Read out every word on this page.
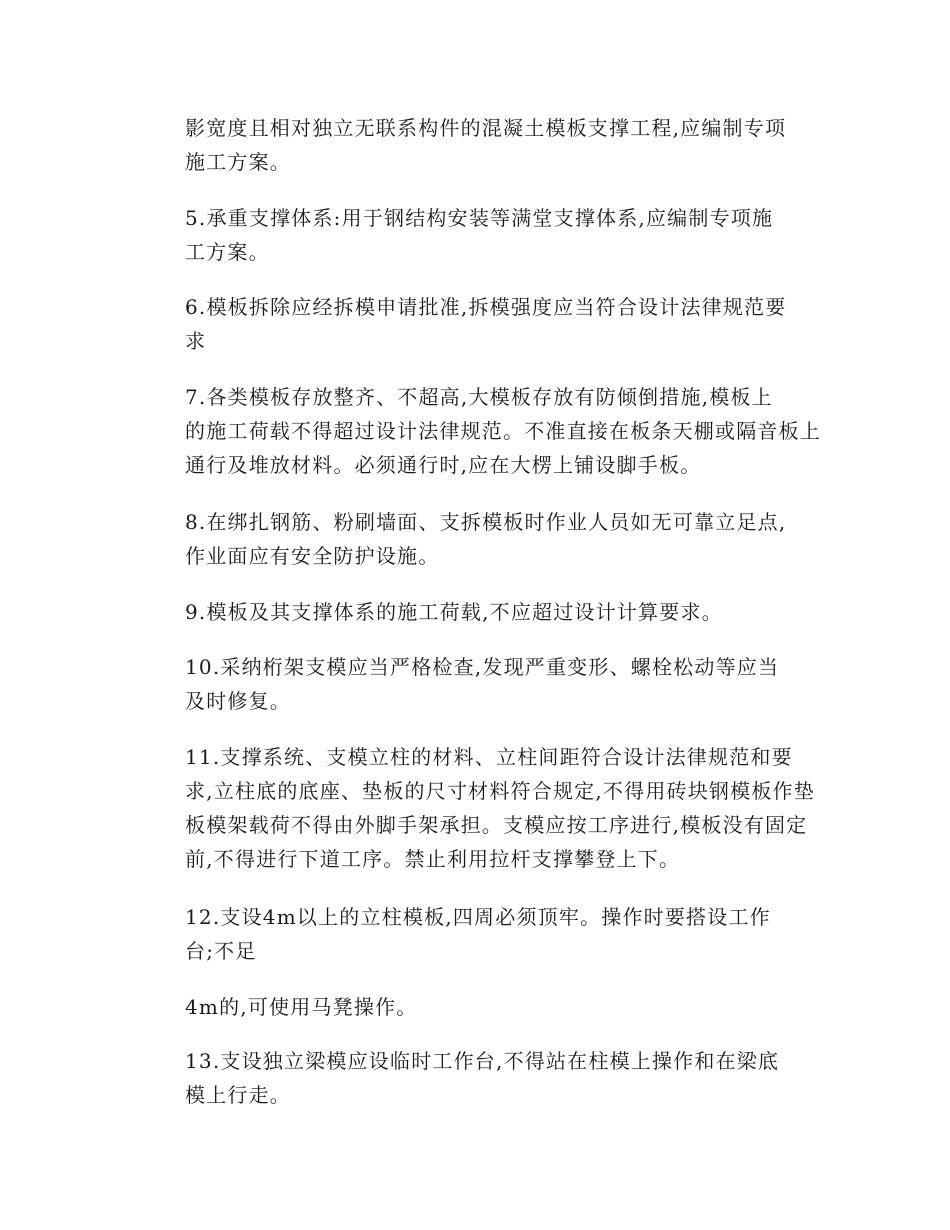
影宽度且相对独立无联系构件的混凝土模板支撑工程,应编制专项
施工方案。

5.承重支撑体系:用于钢结构安装等满堂支撑体系,应编制专项施
工方案。

6.模板拆除应经拆模申请批准,拆模强度应当符合设计法律规范要
求

7.各类模板存放整齐、不超高,大模板存放有防倾倒措施,模板上
的施工荷载不得超过设计法律规范。不准直接在板条天棚或隔音板上
通行及堆放材料。必须通行时,应在大楞上铺设脚手板。

8.在绑扎钢筋、粉刷墙面、支拆模板时作业人员如无可靠立足点,
作业面应有安全防护设施。

9.模板及其支撑体系的施工荷载,不应超过设计计算要求。

10.采纳桁架支模应当严格检查,发现严重变形、螺栓松动等应当
及时修复。

11.支撑系统、支模立柱的材料、立柱间距符合设计法律规范和要
求,立柱底的底座、垫板的尺寸材料符合规定,不得用砖块钢模板作垫
板模架载荷不得由外脚手架承担。支模应按工序进行,模板没有固定
前,不得进行下道工序。禁止利用拉杆支撑攀登上下。

12.支设4m以上的立柱模板,四周必须顶牢。操作时要搭设工作
台;不足

4m的,可使用马凳操作。

13.支设独立梁模应设临时工作台,不得站在柱模上操作和在梁底
模上行走。
